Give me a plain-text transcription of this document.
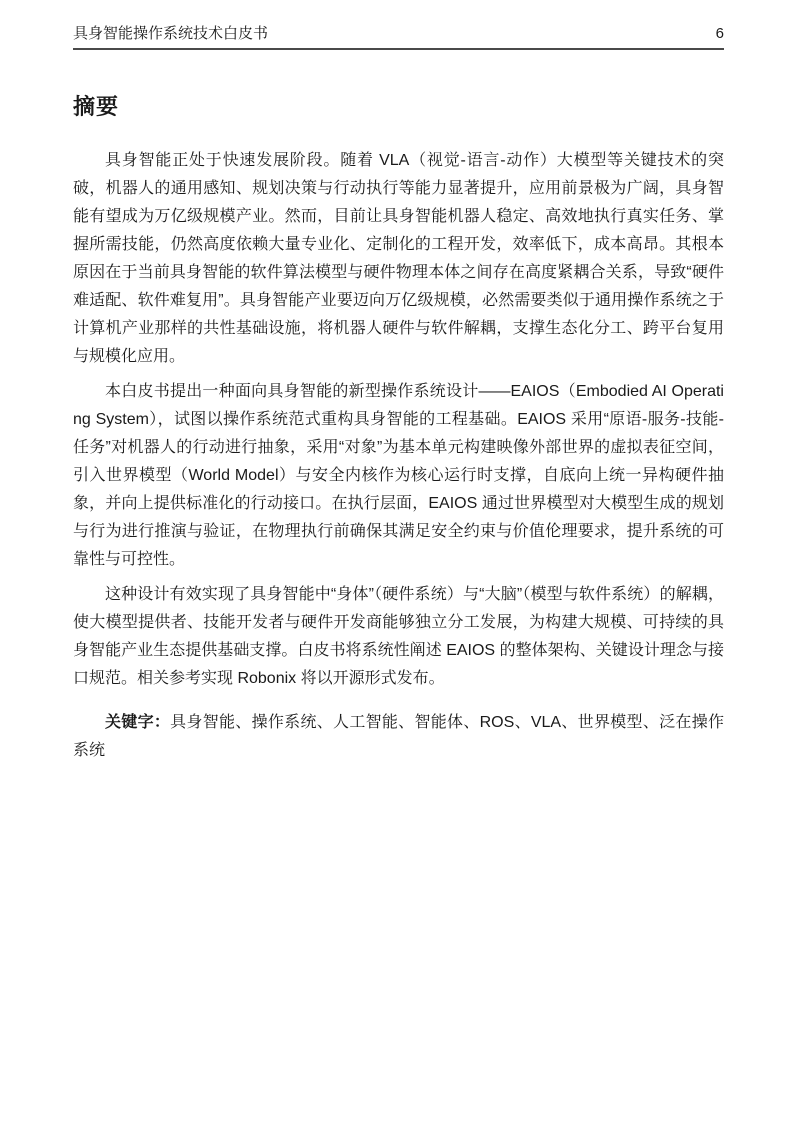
具身智能操作系统技术白皮书	6
摘要

具身智能正处于快速发展阶段。随着 VLA（视觉-语言-动作）大模型等关键技术的突破，机器人的通用感知、规划决策与行动执行等能力显著提升，应用前景极为广阔，具身智能有望成为万亿级规模产业。然而，目前让具身智能机器人稳定、高效地执行真实任务、掌握所需技能，仍然高度依赖大量专业化、定制化的工程开发，效率低下，成本高昂。其根本原因在于当前具身智能的软件算法模型与硬件物理本体之间存在高度紧耦合关系，导致“硬件难适配、软件难复用”。具身智能产业要迈向万亿级规模，必然需要类似于通用操作系统之于计算机产业那样的共性基础设施，将机器人硬件与软件解耦，支撑生态化分工、跨平台复用与规模化应用。

本白皮书提出一种面向具身智能的新型操作系统设计——EAIOS（Embodied AI Operating System），试图以操作系统范式重构具身智能的工程基础。EAIOS 采用“原语-服务-技能-任务”对机器人的行动进行抽象，采用“对象”为基本单元构建映像外部世界的虚拟表征空间，引入世界模型（World Model）与安全内核作为核心运行时支撑，自底向上统一异构硬件抽象，并向上提供标准化的行动接口。在执行层面，EAIOS 通过世界模型对大模型生成的规划与行为进行推演与验证，在物理执行前确保其满足安全约束与价值伦理要求，提升系统的可靠性与可控性。

这种设计有效实现了具身智能中“身体”（硬件系统）与“大脑”（模型与软件系统）的解耦，使大模型提供者、技能开发者与硬件开发商能够独立分工发展，为构建大规模、可持续的具身智能产业生态提供基础支撑。白皮书将系统性阐述 EAIOS 的整体架构、关键设计理念与接口规范。相关参考实现 Robonix 将以开源形式发布。

关键字：具身智能、操作系统、人工智能、智能体、ROS、VLA、世界模型、泛在操作系统
